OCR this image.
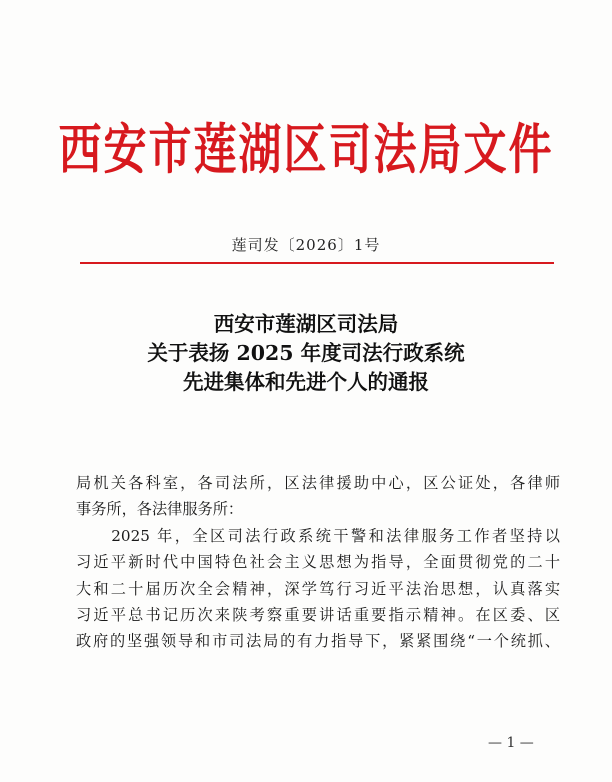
西安市莲湖区司法局文件
莲司发〔2026〕1号
西安市莲湖区司法局
关于表扬 2025 年度司法行政系统
先进集体和先进个人的通报
局机关各科室，各司法所，区法律援助中心，区公证处，各律师
事务所，各法律服务所：
　　2025 年，全区司法行政系统干警和法律服务工作者坚持以
习近平新时代中国特色社会主义思想为指导，全面贯彻党的二十
大和二十届历次全会精神，深学笃行习近平法治思想，认真落实
习近平总书记历次来陕考察重要讲话重要指示精神。在区委、区
政府的坚强领导和市司法局的有力指导下，紧紧围绕“一个统抓、
— 1 —
